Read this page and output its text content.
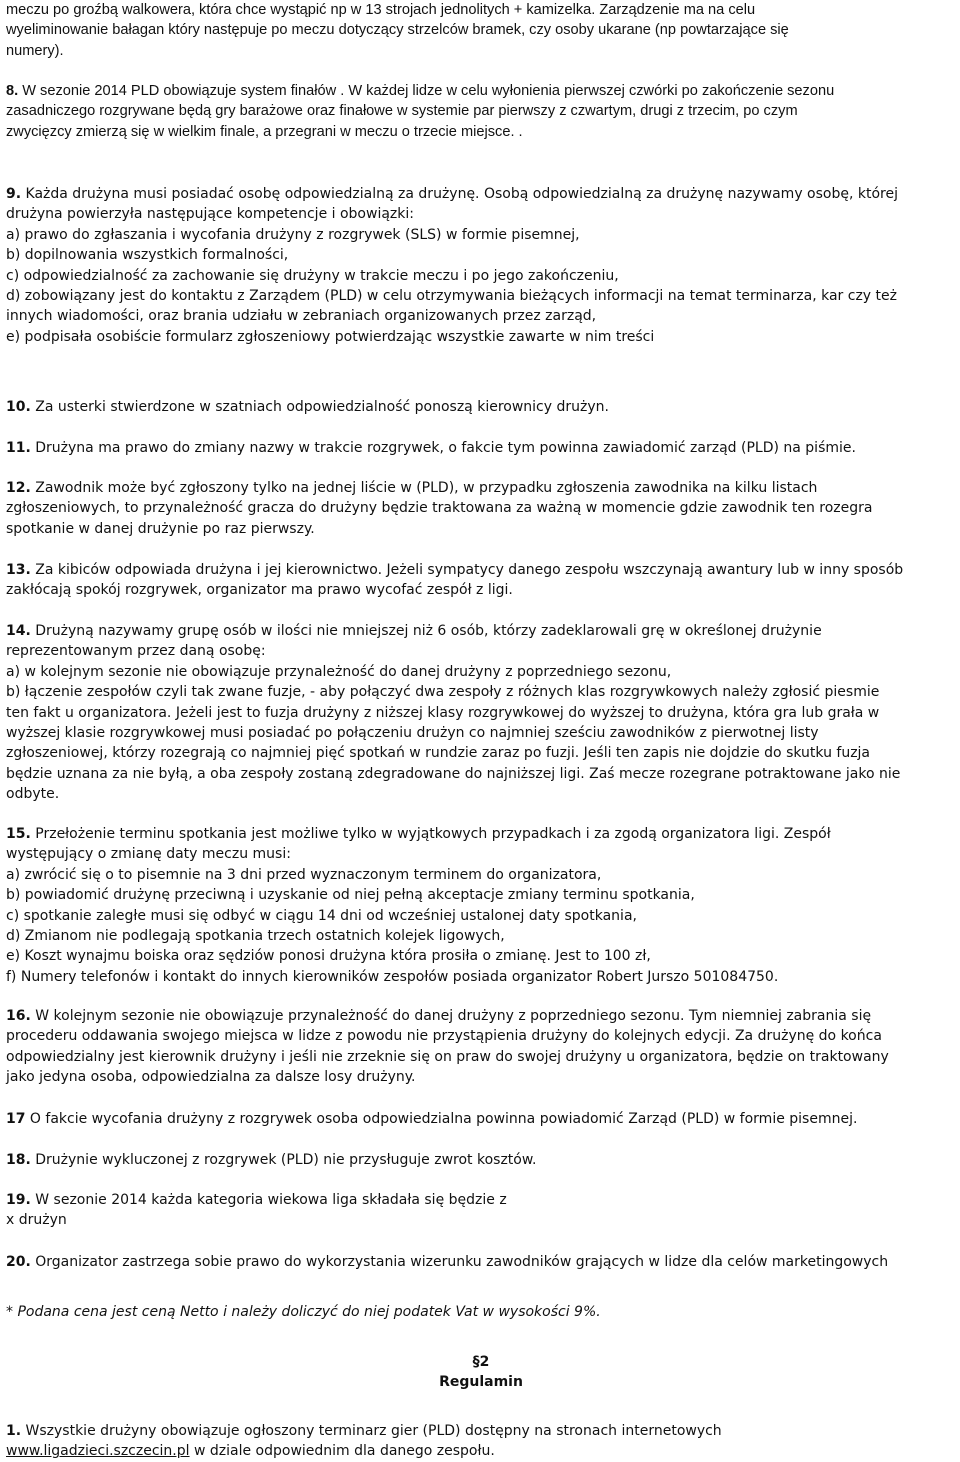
meczu po groźbą walkowera, która chce wystąpić np w 13 strojach jednolitych + kamizelka. Zarządzenie ma na celu
wyeliminowanie bałagan który następuje po meczu dotyczący strzelców bramek, czy osoby ukarane (np powtarzające się
numery).
8. W sezonie 2014 PLD obowiązuje system finałów . W każdej lidze w celu wyłonienia pierwszej czwórki po zakończenie sezonu
zasadniczego rozgrywane będą gry barażowe oraz finałowe w systemie par pierwszy z czwartym, drugi z trzecim, po czym
zwycięzcy zmierzą się w wielkim finale, a przegrani w meczu o trzecie miejsce. .
9. Każda drużyna musi posiadać osobę odpowiedzialną za drużynę. Osobą odpowiedzialną za drużynę nazywamy osobę, której
drużyna powierzyła następujące kompetencje i obowiązki:
a) prawo do zgłaszania i wycofania drużyny z rozgrywek (SLS) w formie pisemnej,
b) dopilnowania wszystkich formalności,
c) odpowiedzialność za zachowanie się drużyny w trakcie meczu i po jego zakończeniu,
d) zobowiązany jest do kontaktu z Zarządem (PLD) w celu otrzymywania bieżących informacji na temat terminarza, kar czy też
innych wiadomości, oraz brania udziału w zebraniach organizowanych przez zarząd,
e) podpisała osobiście formularz zgłoszeniowy potwierdzając wszystkie zawarte w nim treści
10. Za usterki stwierdzone w szatniach odpowiedzialność ponoszą kierownicy drużyn.
11. Drużyna ma prawo do zmiany nazwy w trakcie rozgrywek, o fakcie tym powinna zawiadomić zarząd (PLD) na piśmie.
12. Zawodnik może być zgłoszony tylko na jednej liście w (PLD), w przypadku zgłoszenia zawodnika na kilku listach
zgłoszeniowych, to przynależność gracza do drużyny będzie traktowana za ważną w momencie gdzie zawodnik ten rozegra
spotkanie w danej drużynie po raz pierwszy.
13. Za kibiców odpowiada drużyna i jej kierownictwo. Jeżeli sympatycy danego zespołu wszczynają awantury lub w inny sposób
zakłócają spokój rozgrywek, organizator ma prawo wycofać zespół z ligi.
14. Drużyną nazywamy grupę osób w ilości nie mniejszej niż 6 osób, którzy zadeklarowali grę w określonej drużynie
reprezentowanym przez daną osobę:
a) w kolejnym sezonie nie obowiązuje przynależność do danej drużyny z poprzedniego sezonu,
b) łączenie zespołów czyli tak zwane fuzje, - aby połączyć dwa zespoły z różnych klas rozgrywkowych należy zgłosić piesmie
ten fakt u organizatora. Jeżeli jest to fuzja drużyny z niższej klasy rozgrywkowej do wyższej to drużyna, która gra lub grała w
wyższej klasie rozgrywkowej musi posiadać po połączeniu drużyn co najmniej sześciu zawodników z pierwotnej listy
zgłoszeniowej, którzy rozegrają co najmniej pięć spotkań w rundzie zaraz po fuzji. Jeśli ten zapis nie dojdzie do skutku fuzja
będzie uznana za nie byłą, a oba zespoły zostaną zdegradowane do najniższej ligi. Zaś mecze rozegrane potraktowane jako nie
odbyte.
15. Przełożenie terminu spotkania jest możliwe tylko w wyjątkowych przypadkach i za zgodą organizatora ligi. Zespół
występujący o zmianę daty meczu musi:
a) zwrócić się o to pisemnie na 3 dni przed wyznaczonym terminem do organizatora,
b) powiadomić drużynę przeciwną i uzyskanie od niej pełną akceptacje zmiany terminu spotkania,
c) spotkanie zaległe musi się odbyć w ciągu 14 dni od wcześniej ustalonej daty spotkania,
d) Zmianom nie podlegają spotkania trzech ostatnich kolejek ligowych,
e) Koszt wynajmu boiska oraz sędziów ponosi drużyna która prosiła o zmianę. Jest to 100 zł,
f) Numery telefonów i kontakt do innych kierowników zespołów posiada organizator Robert Jurszo 501084750.
16. W kolejnym sezonie nie obowiązuje przynależność do danej drużyny z poprzedniego sezonu. Tym niemniej zabrania się
procederu oddawania swojego miejsca w lidze z powodu nie przystąpienia drużyny do kolejnych edycji. Za drużynę do końca
odpowiedzialny jest kierownik drużyny i jeśli nie zrzeknie się on praw do swojej drużyny u organizatora, będzie on traktowany
jako jedyna osoba, odpowiedzialna za dalsze losy drużyny.
17 O fakcie wycofania drużyny z rozgrywek osoba odpowiedzialna powinna powiadomić Zarząd (PLD) w formie pisemnej.
18. Drużynie wykluczonej z rozgrywek (PLD) nie przysługuje zwrot kosztów.
19. W sezonie 2014 każda kategoria wiekowa liga składała się będzie z
x drużyn
20. Organizator zastrzega sobie prawo do wykorzystania wizerunku zawodników grających w lidze dla celów marketingowych
* Podana cena jest ceną Netto i należy doliczyć do niej podatek Vat w wysokości 9%.
§2
Regulamin
1. Wszystkie drużyny obowiązuje ogłoszony terminarz gier (PLD) dostępny na stronach internetowych
www.ligadzieci.szczecin.pl w dziale odpowiednim dla danego zespołu.
